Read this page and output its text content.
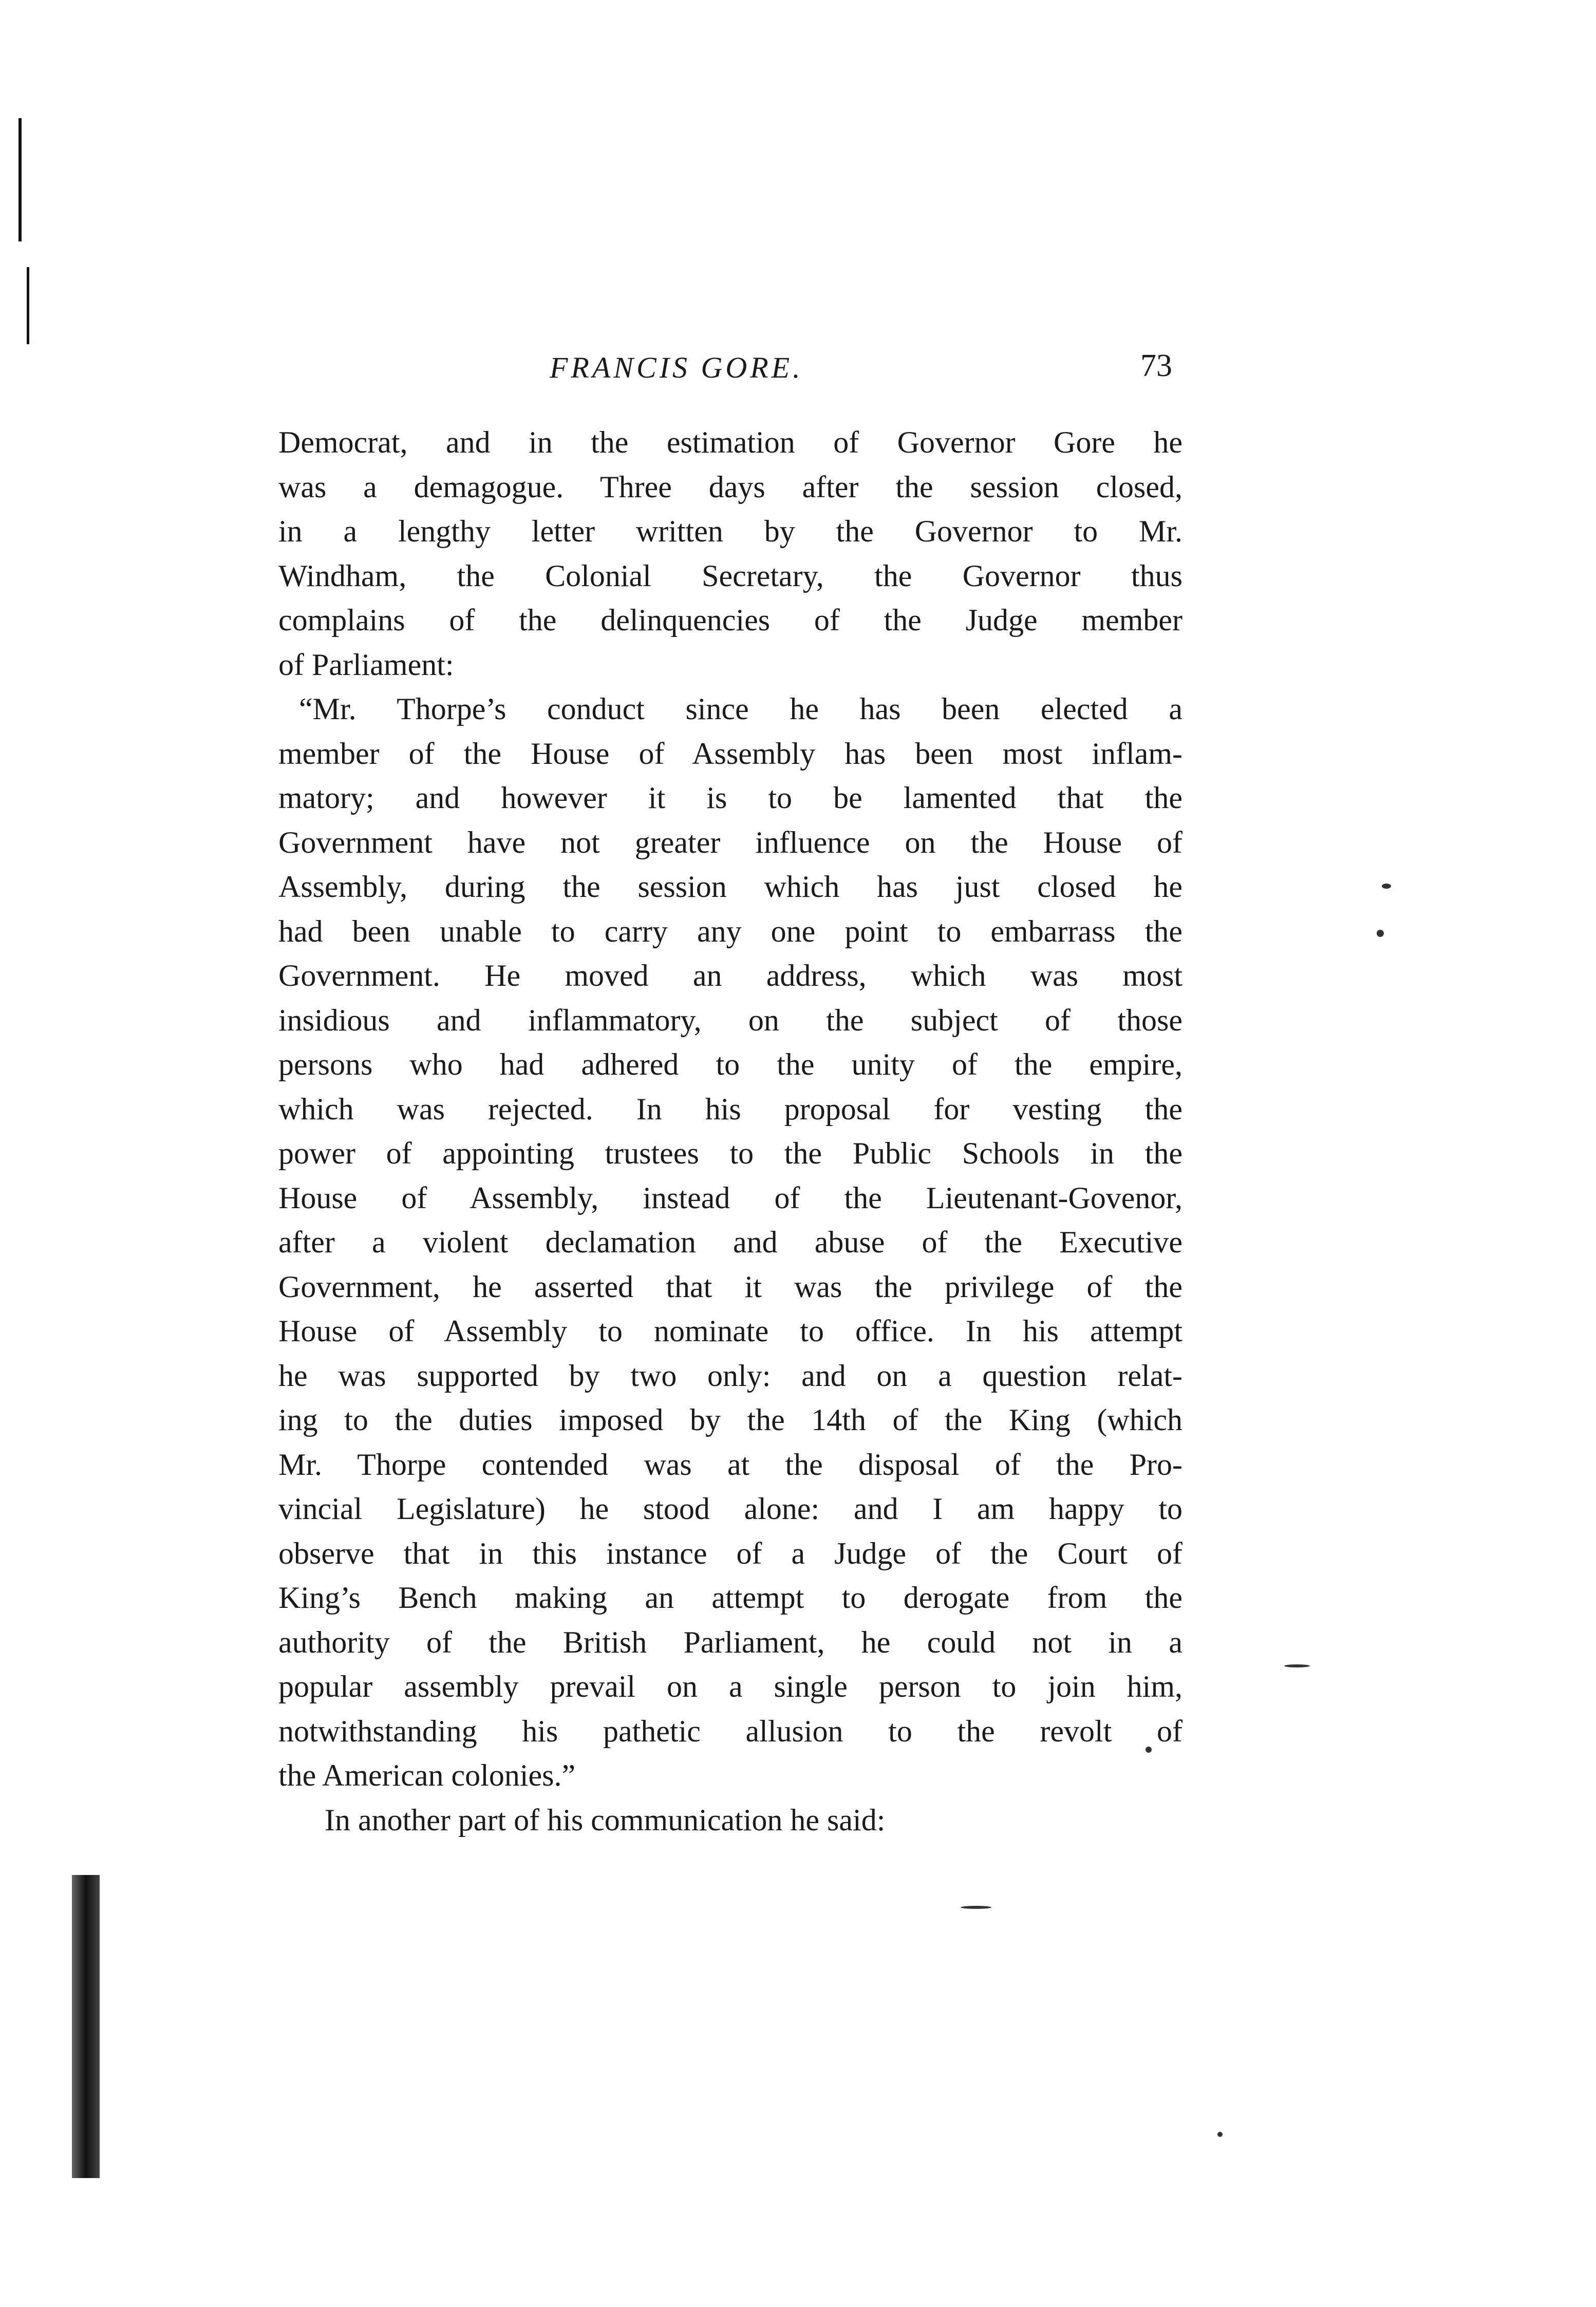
FRANCIS GORE.	73
Democrat, and in the estimation of Governor Gore he
was a demagogue. Three days after the session closed,
in a lengthy letter written by the Governor to Mr.
Windham, the Colonial Secretary, the Governor thus
complains of the delinquencies of the Judge member
of Parliament:
“Mr. Thorpe’s conduct since he has been elected a
member of the House of Assembly has been most inflam-
matory; and however it is to be lamented that the
Government have not greater influence on the House of
Assembly, during the session which has just closed he
had been unable to carry any one point to embarrass the
Government. He moved an address, which was most
insidious and inflammatory, on the subject of those
persons who had adhered to the unity of the empire,
which was rejected. In his proposal for vesting the
power of appointing trustees to the Public Schools in the
House of Assembly, instead of the Lieutenant-Govenor,
after a violent declamation and abuse of the Executive
Government, he asserted that it was the privilege of the
House of Assembly to nominate to office. In his attempt
he was supported by two only: and on a question relat-
ing to the duties imposed by the 14th of the King (which
Mr. Thorpe contended was at the disposal of the Pro-
vincial Legislature) he stood alone: and I am happy to
observe that in this instance of a Judge of the Court of
King’s Bench making an attempt to derogate from the
authority of the British Parliament, he could not in a
popular assembly prevail on a single person to join him,
notwithstanding his pathetic allusion to the revolt of
the American colonies.”
In another part of his communication he said:
